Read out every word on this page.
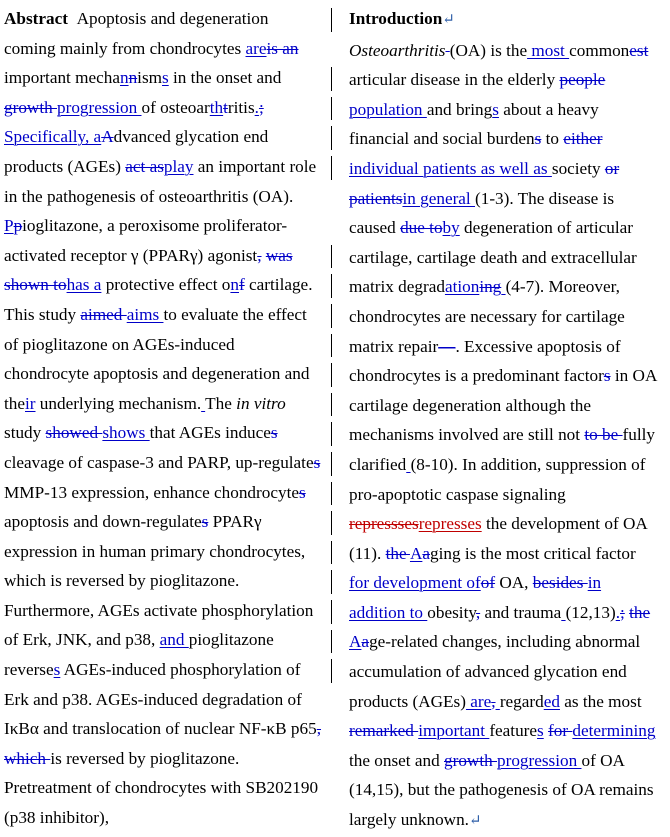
Abstract Apoptosis and degeneration coming mainly from chondrocytes areis an important mechannisms in the onset and growth progression of osteoarthtritis.; Specifically, aAdvanced glycation end products (AGEs) act asplay an important role in the pathogenesis of osteoarthritis (OA). Ppioglitazone, a peroxisome proliferator-activated receptor γ (PPARγ) agonist, was shown tohas a protective effect onf cartilage. This study aimed aims to evaluate the effect of pioglitazone on AGEs-induced chondrocyte apoptosis and degeneration and their underlying mechanism. The in vitro study showed shows that AGEs induces cleavage of caspase-3 and PARP, up-regulates MMP-13 expression, enhance chondrocytes apoptosis and down-regulates PPARγ expression in human primary chondrocytes, which is reversed by pioglitazone. Furthermore, AGEs activate phosphorylation of Erk, JNK, and p38, and pioglitazone reverses AGEs-induced phosphorylation of Erk and p38. AGEs-induced degradation of IκBα and translocation of nuclear NF-κB p65, which is reversed by pioglitazone. Pretreatment of chondrocytes with SB202190 (p38 inhibitor),

Introduction↵
Osteoarthritis (OA) is the most commonest articular disease in the elderly people population and brings about a heavy financial and social burdens to either individual patients as well as society or patientsin general (1-3). The disease is caused due toby degeneration of articular cartilage, cartilage death and extracellular matrix degradationing (4-7). Moreover, chondrocytes are necessary for cartilage matrix repair—. Excessive apoptosis of chondrocytes is a predominant factors in OA cartilage degeneration although the mechanisms involved are still not to be fully clarified (8-10). In addition, suppression of pro-apoptotic caspase signaling represssesrepresses the development of OA (11). the Aaging is the most critical factor for development ofof OA, besides in addition to obesity, and trauma (12,13).; the Aage-related changes, including abnormal accumulation of advanced glycation end products (AGEs) are, regarded as the most remarked important features for determining the onset and growth progression of OA (14,15), but the pathogenesis of OA remains largely unknown.↵
